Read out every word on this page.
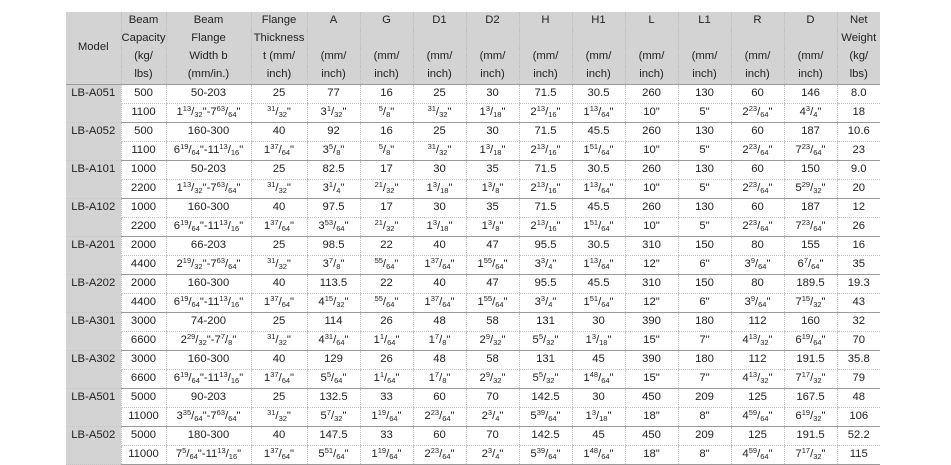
Model	Beam	Beam	Flange	A	G	D1	D2	H	H1	L	L1	R	D	Net
	Capacity	Flange	Thickness											Weight
	(kg/	Width b	t (mm/	(mm/	(mm/	(mm/	(mm/	(mm/	(mm/	(mm/	(mm/	(mm/	(mm/	(kg/
	lbs)	(mm/in.)	inch)	inch)	inch)	inch)	inch)	inch)	inch)	inch)	inch)	inch)	inch)	lbs)
LB-A051	500	50-203	25	77	16	25	30	71.5	30.5	260	130	60	146	8.0
	1100	$1^{13}/_{32}"-7^{63}/_{64}$"	$^{31}/_{32}$"	$3^1/_{32}$"	$^5/_8$"	$^{31}/_{32}$"	$1^3/_{18}$"	$2^{13}/_{16}$"	$1^{13}/_{64}$"	10"	5"	$2^{23}/_{64}$"	$4^3/_4$"	18
LB-A052	500	160-300	40	92	16	25	30	71.5	45.5	260	130	60	187	10.6
	1100	$6^{19}/_{64}"-11^{13}/_{16}$"	$1^{37}/_{64}$"	$3^5/_8$"	$^5/_8$"	$^{31}/_{32}$"	$1^3/_{18}$"	$2^{13}/_{16}$"	$1^{51}/_{64}$"	10"	5"	$2^{23}/_{64}$"	$7^{23}/_{64}$"	23
LB-A101	1000	50-203	25	82.5	17	30	35	71.5	30.5	260	130	60	150	9.0
	2200	$1^{13}/_{32}"-7^{63}/_{64}$"	$^{31}/_{32}$"	$3^1/_4$"	$^{21}/_{32}$"	$1^3/_{18}$"	$1^3/_8$"	$2^{13}/_{16}$"	$1^{13}/_{64}$"	10"	5"	$2^{23}/_{64}$"	$5^{29}/_{32}$"	20
LB-A102	1000	160-300	40	97.5	17	30	35	71.5	45.5	260	130	60	187	12
	2200	$6^{19}/_{64}"-11^{13}/_{16}$"	$1^{37}/_{64}$"	$3^{53}/_{64}$"	$^{21}/_{32}$"	$1^3/_{18}$"	$1^3/_8$"	$2^{13}/_{16}$"	$1^{51}/_{64}$"	10"	5"	$2^{23}/_{64}$"	$7^{23}/_{64}$"	26
LB-A201	2000	66-203	25	98.5	22	40	47	95.5	30.5	310	150	80	155	16
	4400	$2^{19}/_{32}"-7^{63}/_{64}$"	$^{31}/_{32}$"	$3^7/_8$"	$^{55}/_{64}$"	$1^{37}/_{64}$"	$1^{55}/_{64}$"	$3^3/_4$"	$1^{13}/_{64}$"	12"	6"	$3^9/_{64}$"	$6^7/_{64}$"	35
LB-A202	2000	160-300	40	113.5	22	40	47	95.5	45.5	310	150	80	189.5	19.3
	4400	$6^{19}/_{64}"-11^{13}/_{16}$"	$1^{37}/_{64}$"	$4^{15}/_{32}$"	$^{55}/_{64}$"	$1^{37}/_{64}$"	$1^{55}/_{64}$"	$3^3/_4$"	$1^{51}/_{64}$"	12"	6"	$3^9/_{64}$"	$7^{15}/_{32}$"	43
LB-A301	3000	74-200	25	114	26	48	58	131	30	390	180	112	160	32
	6600	$2^{29}/_{32}"-7^7/_8$"	$^{31}/_{32}$"	$4^{31}/_{64}$"	$1^1/_{64}$"	$1^7/_8$"	$2^9/_{32}$"	$5^5/_{32}$"	$1^3/_{18}$"	15"	7"	$4^{13}/_{32}$"	$6^{19}/_{64}$"	70
LB-A302	3000	160-300	40	129	26	48	58	131	45	390	180	112	191.5	35.8
	6600	$6^{19}/_{64}"-11^{13}/_{16}$"	$1^{37}/_{64}$"	$5^5/_{64}$"	$1^1/_{64}$"	$1^7/_8$"	$2^9/_{32}$"	$5^5/_{32}$"	$1^{48}/_{64}$"	15"	7"	$4^{13}/_{32}$"	$7^{17}/_{32}$"	79
LB-A501	5000	90-203	25	132.5	33	60	70	142.5	30	450	209	125	167.5	48
	11000	$3^{35}/_{64}"-7^{63}/_{64}$"	$^{31}/_{32}$"	$5^7/_{32}$"	$1^{19}/_{64}$"	$2^{23}/_{64}$"	$2^3/_4$"	$5^{39}/_{64}$"	$1^3/_{18}$"	18"	8"	$4^{59}/_{64}$"	$6^{19}/_{32}$"	106
LB-A502	5000	180-300	40	147.5	33	60	70	142.5	45	450	209	125	191.5	52.2
	11000	$7^5/_{64}"-11^{13}/_{16}$"	$1^{37}/_{64}$"	$5^{51}/_{64}$"	$1^{19}/_{64}$"	$2^{23}/_{64}$"	$2^3/_4$"	$5^{39}/_{64}$"	$1^{48}/_{64}$"	18"	8"	$4^{59}/_{64}$"	$7^{17}/_{32}$"	115
